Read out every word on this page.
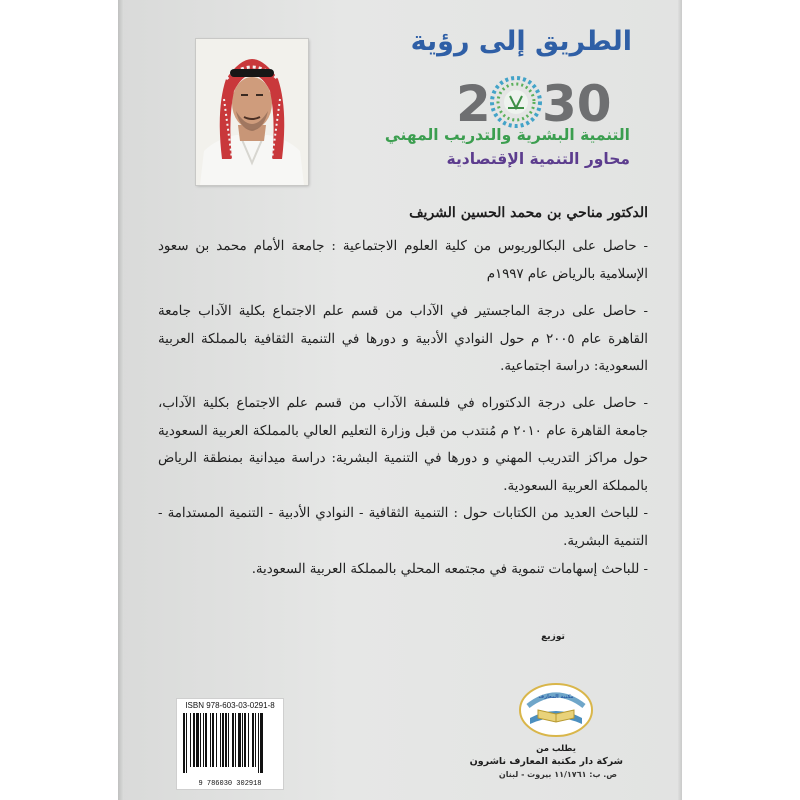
الطريق إلى رؤية
2 30
التنمية البشرية والتدريب المهني
محاور التنمية الإقتصادية
الدكتور مناحي بن محمد الحسين الشريف
- حاصل على البكالوريوس من كلية العلوم الاجتماعية : جامعة الأمام محمد بن سعود الإسلامية بالرياض عام ١٩٩٧م
- حاصل على درجة الماجستير في الآداب من قسم علم الاجتماع بكلية الآداب جامعة القاهرة عام ٢٠٠٥ م حول النوادي الأدبية و دورها في التنمية الثقافية بالمملكة العربية السعودية: دراسة اجتماعية.
- حاصل على درجة الدكتوراه في فلسفة الآداب من قسم علم الاجتماع بكلية الآداب، جامعة القاهرة عام ٢٠١٠ م مُنتدب من قبل وزارة التعليم العالي بالمملكة العربية السعودية حول مراكز التدريب المهني و دورها في التنمية البشرية: دراسة ميدانية بمنطقة الرياض بالمملكة العربية السعودية.
- للباحث العديد من الكتابات حول : التنمية الثقافية - النوادي الأدبية - التنمية المستدامة - التنمية البشرية.
- للباحث إسهامات تنموية في مجتمعه المحلي بالمملكة العربية السعودية.
توزيع
مكتبة المعارف
يطلب من
شركة دار مكتبة المعارف ناشرون
ص. ب: ١١/١٧٦١ بيروت - لبنان
ISBN 978-603-03-0291-8
9 786030 302918
